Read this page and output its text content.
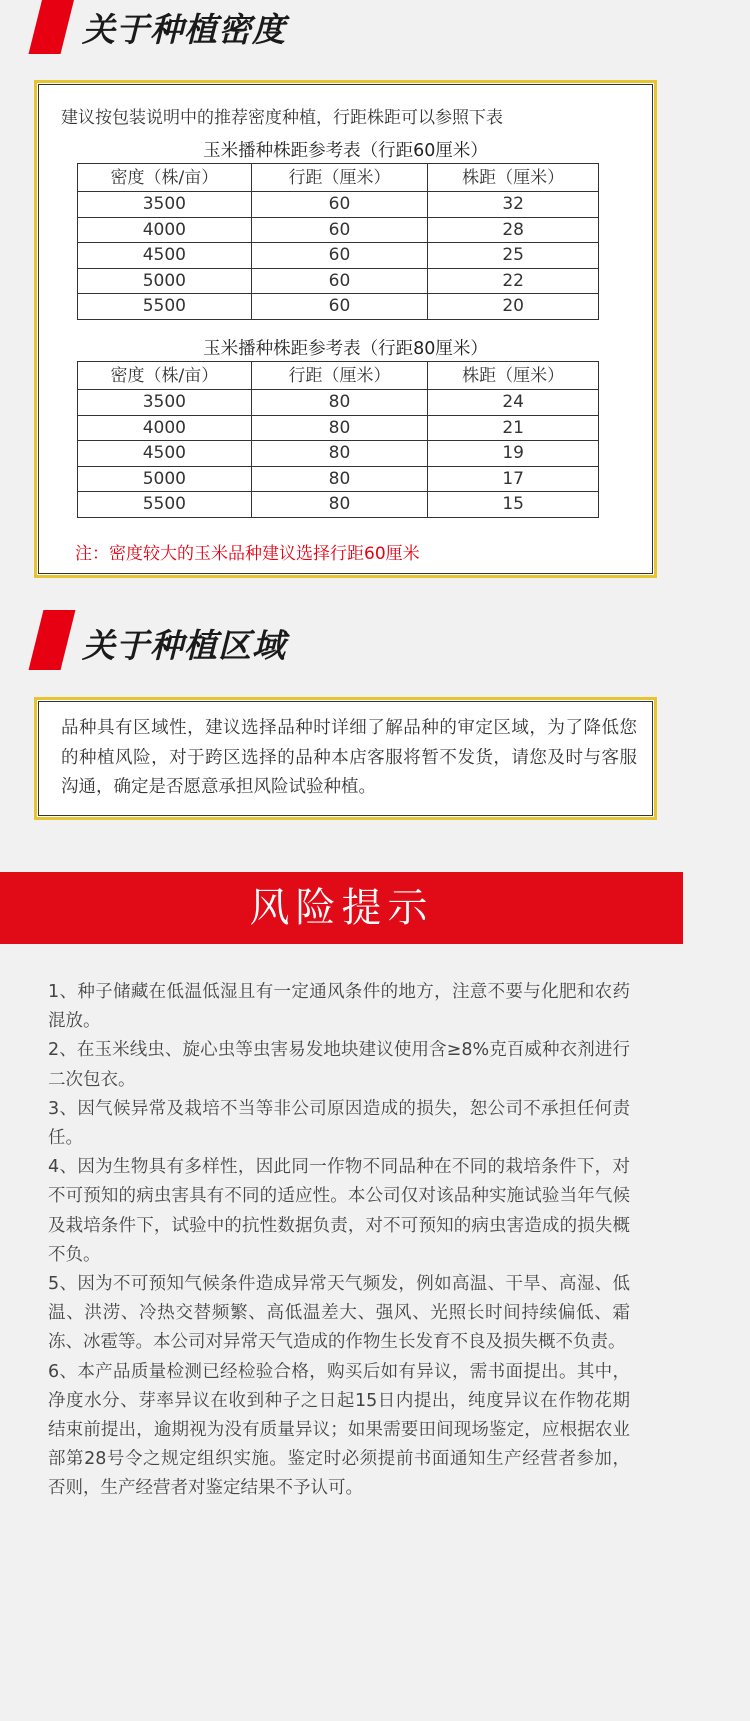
关于种植密度
建议按包装说明中的推荐密度种植，行距株距可以参照下表
玉米播种株距参考表（行距60厘米）
密度（株/亩）	行距（厘米）	株距（厘米）
3500	60	32
4000	60	28
4500	60	25
5000	60	22
5500	60	20
玉米播种株距参考表（行距80厘米）
密度（株/亩）	行距（厘米）	株距（厘米）
3500	80	24
4000	80	21
4500	80	19
5000	80	17
5500	80	15
注：密度较大的玉米品种建议选择行距60厘米
关于种植区域
品种具有区域性，建议选择品种时详细了解品种的审定区域，为了降低您的种植风险，对于跨区选择的品种本店客服将暂不发货，请您及时与客服沟通，确定是否愿意承担风险试验种植。
风险提示
1、种子储藏在低温低湿且有一定通风条件的地方，注意不要与化肥和农药混放。
2、在玉米线虫、旋心虫等虫害易发地块建议使用含≥8%克百威种衣剂进行二次包衣。
3、因气候异常及栽培不当等非公司原因造成的损失，恕公司不承担任何责任。
4、因为生物具有多样性，因此同一作物不同品种在不同的栽培条件下，对不可预知的病虫害具有不同的适应性。本公司仅对该品种实施试验当年气候及栽培条件下，试验中的抗性数据负责，对不可预知的病虫害造成的损失概不负。
5、因为不可预知气候条件造成异常天气频发，例如高温、干旱、高湿、低温、洪涝、冷热交替频繁、高低温差大、强风、光照长时间持续偏低、霜冻、冰雹等。本公司对异常天气造成的作物生长发育不良及损失概不负责。
6、本产品质量检测已经检验合格，购买后如有异议，需书面提出。其中，净度水分、芽率异议在收到种子之日起15日内提出，纯度异议在作物花期结束前提出，逾期视为没有质量异议；如果需要田间现场鉴定，应根据农业部第28号令之规定组织实施。鉴定时必须提前书面通知生产经营者参加，否则，生产经营者对鉴定结果不予认可。
